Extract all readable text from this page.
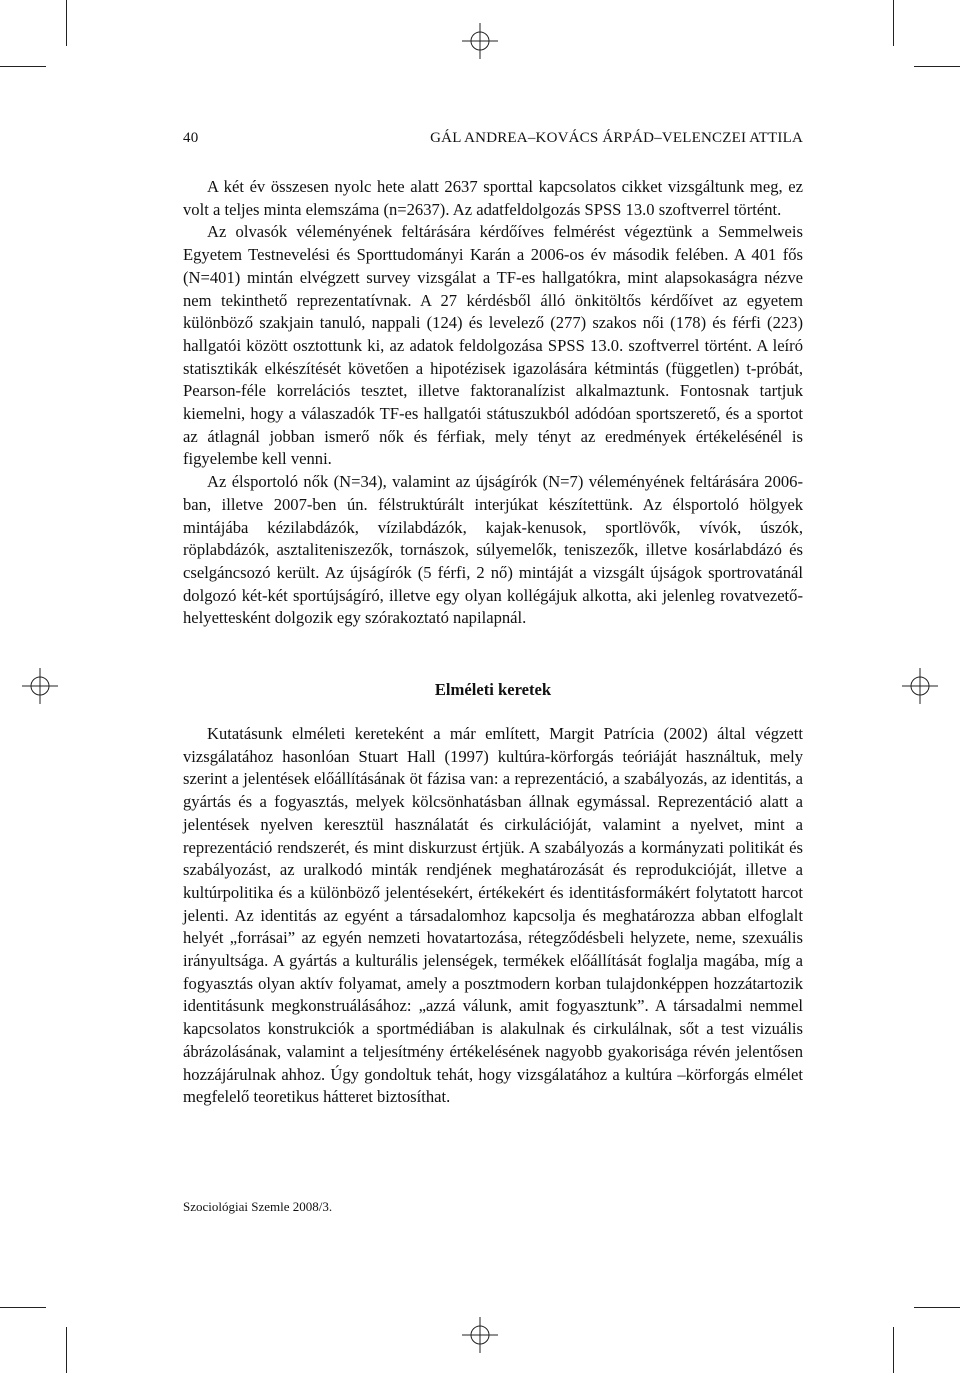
40	GÁL ANDREA–KOVÁCS ÁRPÁD–VELENCZEI ATTILA

A két év összesen nyolc hete alatt 2637 sporttal kapcsolatos cikket vizsgáltunk meg, ez volt a teljes minta elemszáma (n=2637). Az adatfeldolgozás SPSS 13.0 szoftverrel történt.

Az olvasók véleményének feltárására kérdőíves felmérést végeztünk a Semmelweis Egyetem Testnevelési és Sporttudományi Karán a 2006-os év második felében. A 401 fős (N=401) mintán elvégzett survey vizsgálat a TF-es hallgatókra, mint alapsokaságra nézve nem tekinthető reprezentatívnak. A 27 kérdésből álló önkitöltős kérdőívet az egyetem különböző szakjain tanuló, nappali (124) és levelező (277) szakos női (178) és férfi (223) hallgatói között osztottunk ki, az adatok feldolgozása SPSS 13.0. szoftverrel történt. A leíró statisztikák elkészítését követően a hipotézisek igazolására kétmintás (független) t-próbát, Pearson-féle korrelációs tesztet, illetve faktoranalízist alkalmaztunk. Fontosnak tartjuk kiemelni, hogy a válaszadók TF-es hallgatói státuszukból adódóan sportszerető, és a sportot az átlagnál jobban ismerő nők és férfiak, mely tényt az eredmények értékelésénél is figyelembe kell venni.

Az élsportoló nők (N=34), valamint az újságírók (N=7) véleményének feltárására 2006-ban, illetve 2007-ben ún. félstruktúrált interjúkat készítettünk. Az élsportoló hölgyek mintájába kézilabdázók, vízilabdázók, kajak-kenusok, sportlövők, vívók, úszók, röplabdázók, asztaliteniszezők, tornászok, súlyemelők, teniszezők, illetve kosárlabdázó és cselgáncsozó került. Az újságírók (5 férfi, 2 nő) mintáját a vizsgált újságok sportrovatánál dolgozó két-két sportújságíró, illetve egy olyan kollégájuk alkotta, aki jelenleg rovatvezető-helyettesként dolgozik egy szórakoztató napilapnál.

Elméleti keretek

Kutatásunk elméleti kereteként a már említett, Margit Patrícia (2002) által végzett vizsgálatához hasonlóan Stuart Hall (1997) kultúra-körforgás teóriáját használtuk, mely szerint a jelentések előállításának öt fázisa van: a reprezentáció, a szabályozás, az identitás, a gyártás és a fogyasztás, melyek kölcsönhatásban állnak egymással. Reprezentáció alatt a jelentések nyelven keresztül használatát és cirkulációját, valamint a nyelvet, mint a reprezentáció rendszerét, és mint diskurzust értjük. A szabályozás a kormányzati politikát és szabályozást, az uralkodó minták rendjének meghatározását és reprodukcióját, illetve a kultúrpolitika és a különböző jelentésekért, értékekért és identitásformákért folytatott harcot jelenti. Az identitás az egyént a társadalomhoz kapcsolja és meghatározza abban elfoglalt helyét „forrásai” az egyén nemzeti hovatartozása, rétegződésbeli helyzete, neme, szexuális irányultsága. A gyártás a kulturális jelenségek, termékek előállítását foglalja magába, míg a fogyasztás olyan aktív folyamat, amely a posztmodern korban tulajdonképpen hozzátartozik identitásunk megkonstruálásához: „azzá válunk, amit fogyasztunk”. A társadalmi nemmel kapcsolatos konstrukciók a sportmédiában is alakulnak és cirkulálnak, sőt a test vizuális ábrázolásának, valamint a teljesítmény értékelésének nagyobb gyakorisága révén jelentősen hozzájárulnak ahhoz. Úgy gondoltuk tehát, hogy vizsgálatához a kultúra –körforgás elmélet megfelelő teoretikus hátteret biztosíthat.

Szociológiai Szemle 2008/3.
